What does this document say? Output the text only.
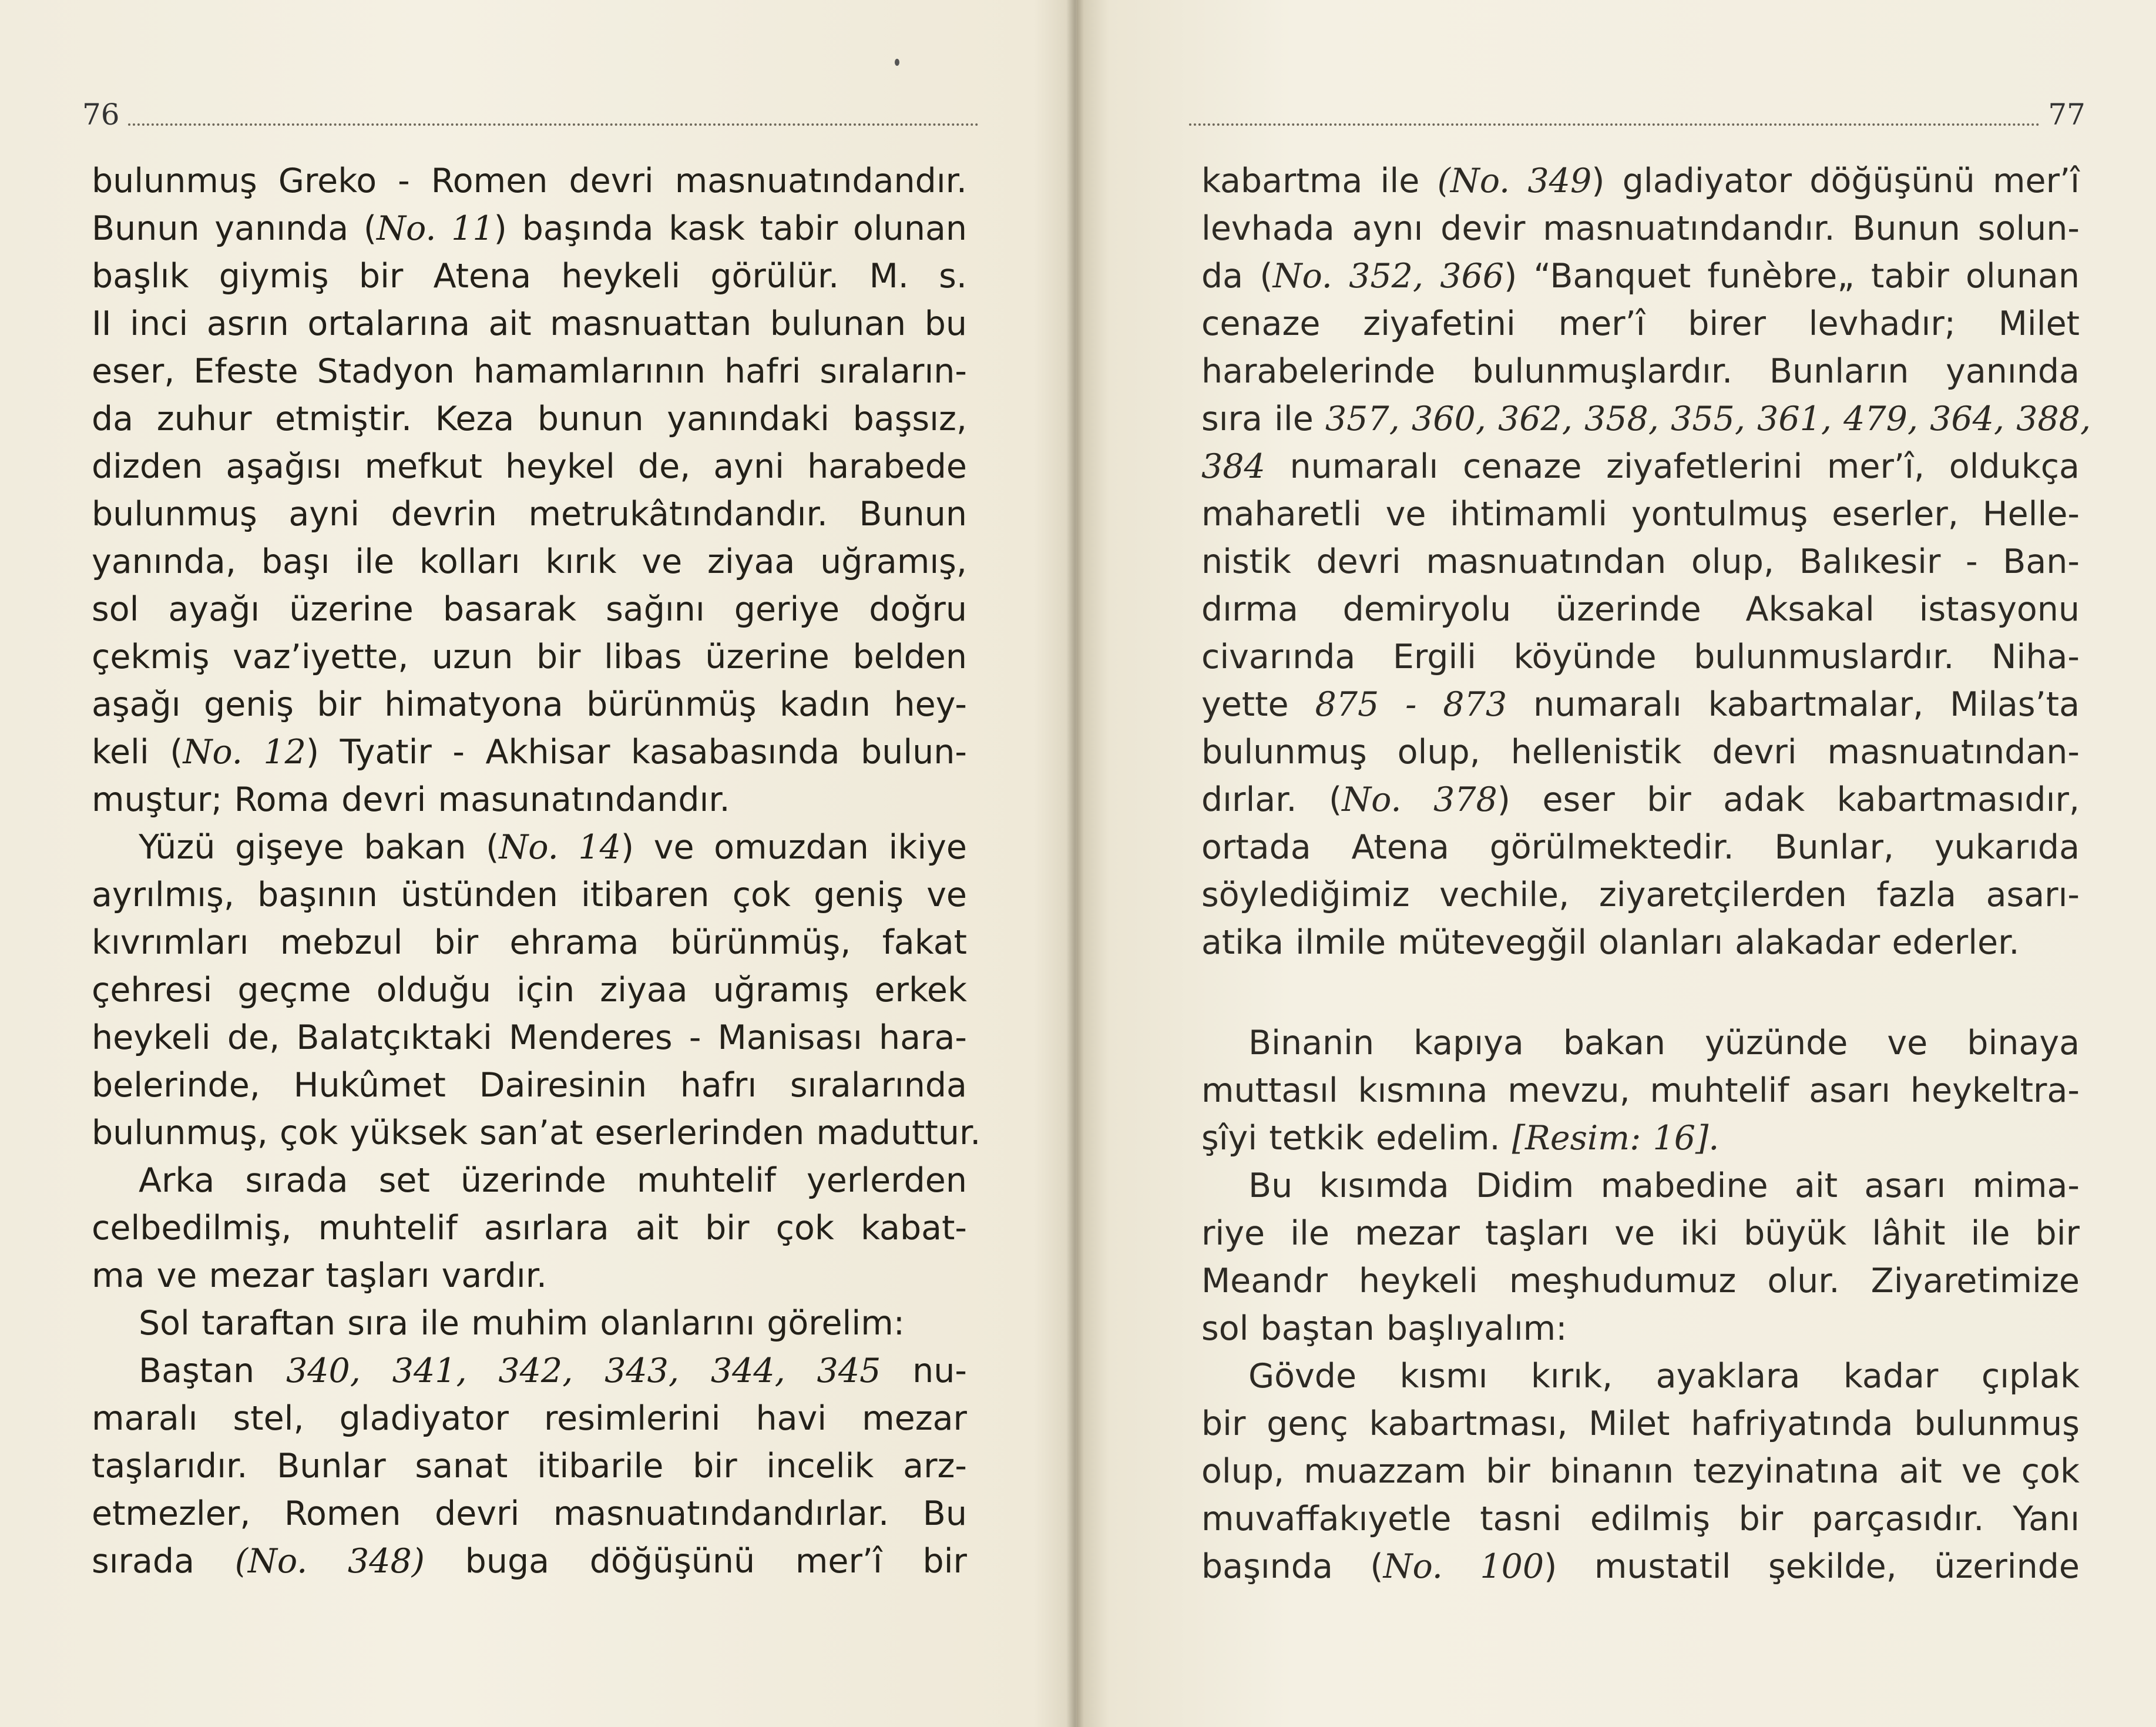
76	77
bulunmuş Greko - Romen devri masnuatındandır.
Bunun yanında (No. 11) başında kask tabir olunan
başlık giymiş bir Atena heykeli görülür. M. s.
II inci asrın ortalarına ait masnuattan bulunan bu
eser, Efeste Stadyon hamamlarının hafri sıraların-
da zuhur etmiştir. Keza bunun yanındaki başsız,
dizden aşağısı mefkut heykel de, ayni harabede
bulunmuş ayni devrin metrukâtındandır. Bunun
yanında, başı ile kolları kırık ve ziyaa uğramış,
sol ayağı üzerine basarak sağını geriye doğru
çekmiş vaz’iyette, uzun bir libas üzerine belden
aşağı geniş bir himatyona bürünmüş kadın hey-
keli (No. 12) Tyatir - Akhisar kasabasında bulun-
muştur; Roma devri masunatındandır.
Yüzü gişeye bakan (No. 14) ve omuzdan ikiye
ayrılmış, başının üstünden itibaren çok geniş ve
kıvrımları mebzul bir ehrama bürünmüş, fakat
çehresi geçme olduğu için ziyaa uğramış erkek
heykeli de, Balatçıktaki Menderes - Manisası hara-
belerinde, Hukûmet Dairesinin hafrı sıralarında
bulunmuş, çok yüksek san’at eserlerinden maduttur.
Arka sırada set üzerinde muhtelif yerlerden
celbedilmiş, muhtelif asırlara ait bir çok kabat-
ma ve mezar taşları vardır.
Sol taraftan sıra ile muhim olanlarını görelim:
Baştan 340, 341, 342, 343, 344, 345 nu-
maralı stel, gladiyator resimlerini havi mezar
taşlarıdır. Bunlar sanat itibarile bir incelik arz-
etmezler, Romen devri masnuatındandırlar. Bu
sırada (No. 348) buga döğüşünü mer’î bir
kabartma ile (No. 349) gladiyator döğüşünü mer’î
levhada aynı devir masnuatındandır. Bunun solun-
da (No. 352, 366) “Banquet funèbre„ tabir olunan
cenaze ziyafetini mer’î birer levhadır; Milet
harabelerinde bulunmuşlardır. Bunların yanında
sıra ile 357, 360, 362, 358, 355, 361, 479, 364, 388,
384 numaralı cenaze ziyafetlerini mer’î, oldukça
maharetli ve ihtimamli yontulmuş eserler, Helle-
nistik devri masnuatından olup, Balıkesir - Ban-
dırma demiryolu üzerinde Aksakal istasyonu
civarında Ergili köyünde bulunmuslardır. Niha-
yette 875 - 873 numaralı kabartmalar, Milas’ta
bulunmuş olup, hellenistik devri masnuatından-
dırlar. (No. 378) eser bir adak kabartmasıdır,
ortada Atena görülmektedir. Bunlar, yukarıda
söylediğimiz vechile, ziyaretçilerden fazla asarı-
atika ilmile mütevegğil olanları alakadar ederler.
Binanin kapıya bakan yüzünde ve binaya
muttasıl kısmına mevzu, muhtelif asarı heykeltra-
şîyi tetkik edelim. [Resim: 16].
Bu kısımda Didim mabedine ait asarı mima-
riye ile mezar taşları ve iki büyük lâhit ile bir
Meandr heykeli meşhudumuz olur. Ziyaretimize
sol baştan başlıyalım:
Gövde kısmı kırık, ayaklara kadar çıplak
bir genç kabartması, Milet hafriyatında bulunmuş
olup, muazzam bir binanın tezyinatına ait ve çok
muvaffakıyetle tasni edilmiş bir parçasıdır. Yanı
başında (No. 100) mustatil şekilde, üzerinde
